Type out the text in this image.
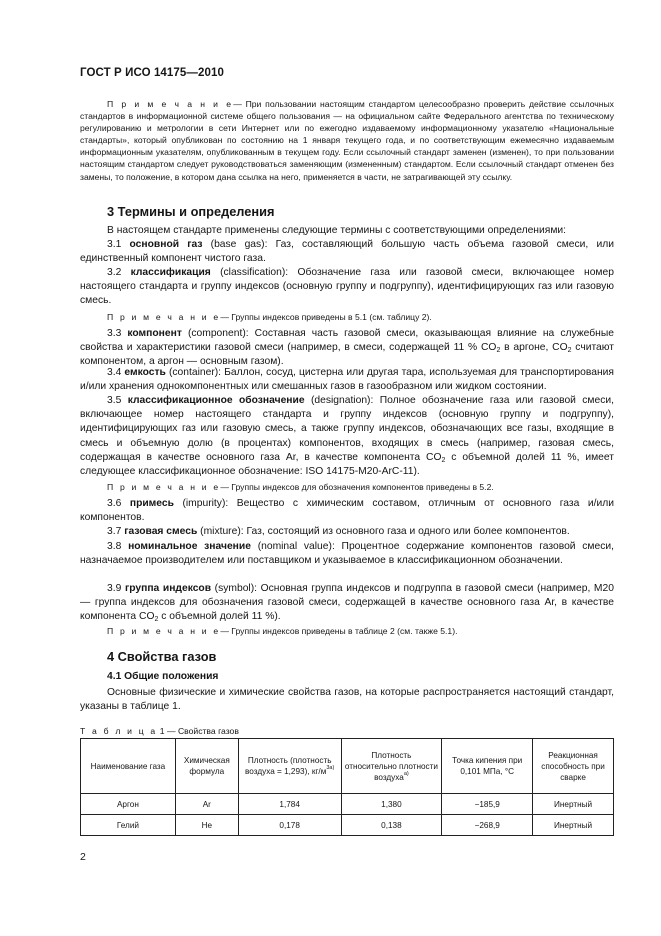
ГОСТ Р ИСО 14175—2010
П р и м е ч а н и е— При пользовании настоящим стандартом целесообразно проверить действие ссылочных стандартов в информационной системе общего пользования — на официальном сайте Федерального агентства по техническому регулированию и метрологии в сети Интернет или по ежегодно издаваемому информационному указателю «Национальные стандарты», который опубликован по состоянию на 1 января текущего года, и по соответствующим ежемесячно издаваемым информационным указателям, опубликованным в текущем году. Если ссылочный стандарт заменен (изменен), то при пользовании настоящим стандартом следует руководствоваться заменяющим (измененным) стандартом. Если ссылочный стандарт отменен без замены, то положение, в котором дана ссылка на него, применяется в части, не затрагивающей эту ссылку.
3 Термины и определения
В настоящем стандарте применены следующие термины с соответствующими определениями:
3.1 основной газ (base gas): Газ, составляющий большую часть объема газовой смеси, или единственный компонент чистого газа.
3.2 классификация (classification): Обозначение газа или газовой смеси, включающее номер настоящего стандарта и группу индексов (основную группу и подгруппу), идентифицирующих газ или газовую смесь.
П р и м е ч а н и е— Группы индексов приведены в 5.1 (см. таблицу 2).
3.3 компонент (component): Составная часть газовой смеси, оказывающая влияние на служебные свойства и характеристики газовой смеси (например, в смеси, содержащей 11 % $CO_2$ в аргоне, $CO_2$ считают компонентом, а аргон — основным газом).
3.4 емкость (container): Баллон, сосуд, цистерна или другая тара, используемая для транспортирования и/или хранения однокомпонентных или смешанных газов в газообразном или жидком состоянии.
3.5 классификационное обозначение (designation): Полное обозначение газа или газовой смеси, включающее номер настоящего стандарта и группу индексов (основную группу и подгруппу), идентифицирующих газ или газовую смесь, а также группу индексов, обозначающих все газы, входящие в смесь и объемную долю (в процентах) компонентов, входящих в смесь (например, газовая смесь, содержащая в качестве основного газа Ar, в качестве компонента $CO_2$ с объемной долей 11 %, имеет следующее классификационное обозначение: ISO 14175-M20-ArC-11).
П р и м е ч а н и е— Группы индексов для обозначения компонентов приведены в 5.2.
3.6 примесь (impurity): Вещество с химическим составом, отличным от основного газа и/или компонентов.
3.7 газовая смесь (mixture): Газ, состоящий из основного газа и одного или более компонентов.
3.8 номинальное значение (nominal value): Процентное содержание компонентов газовой смеси, назначаемое производителем или поставщиком и указываемое в классификационном обозначении.
3.9 группа индексов (symbol): Основная группа индексов и подгруппа в газовой смеси (например, M20 — группа индексов для обозначения газовой смеси, содержащей в качестве основного газа Ar, в качестве компонента $CO_2$ с объемной долей 11 %).
П р и м е ч а н и е— Группы индексов приведены в таблице 2 (см. также 5.1).
4 Свойства газов
4.1 Общие положения
Основные физические и химические свойства газов, на которые распространяется настоящий стандарт, указаны в таблице 1.
Т а б л и ц а 1 — Свойства газов
Наименование газа	Химическая формула	Плотность (плотность воздуха = 1,293), $кг/м^{3a)}$	Плотность относительно плотности воздуха$^{a)}$	Точка кипения при 0,101 МПа, °С	Реакционная способность при сварке
Аргон	Ar	1,784	1,380	−185,9	Инертный
Гелий	He	0,178	0,138	−268,9	Инертный
2
